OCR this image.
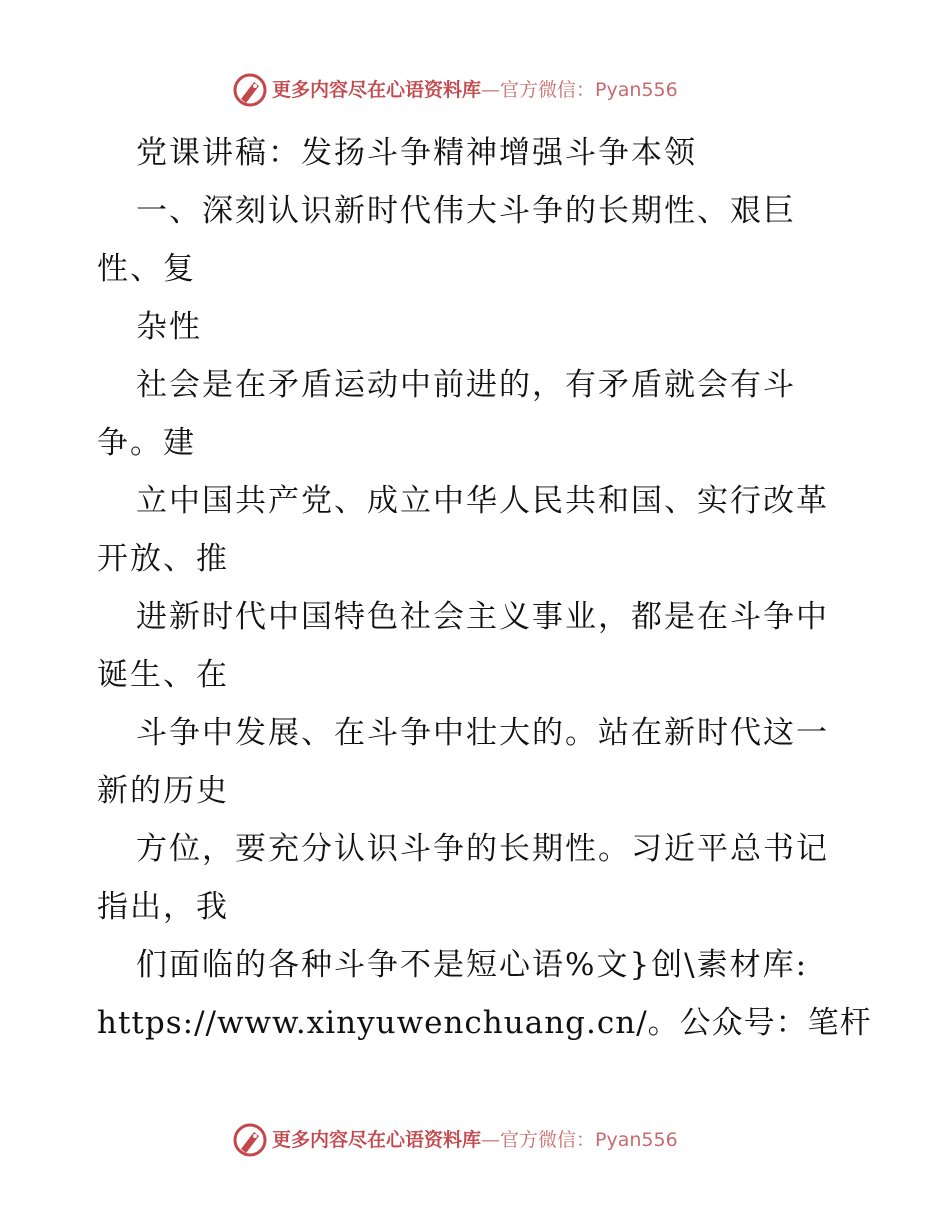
更多内容尽在心语资料库—官方微信：Pyan556
党课讲稿：发扬斗争精神增强斗争本领
一、深刻认识新时代伟大斗争的长期性、艰巨
性、复
杂性
社会是在矛盾运动中前进的，有矛盾就会有斗
争。建
立中国共产党、成立中华人民共和国、实行改革
开放、推
进新时代中国特色社会主义事业，都是在斗争中
诞生、在
斗争中发展、在斗争中壮大的。站在新时代这一
新的历史
方位，要充分认识斗争的长期性。习近平总书记
指出，我
们面临的各种斗争不是短心语%文}创\素材库:
https://www.xinyuwenchuang.cn/。公众号：笔杆
更多内容尽在心语资料库—官方微信：Pyan556
